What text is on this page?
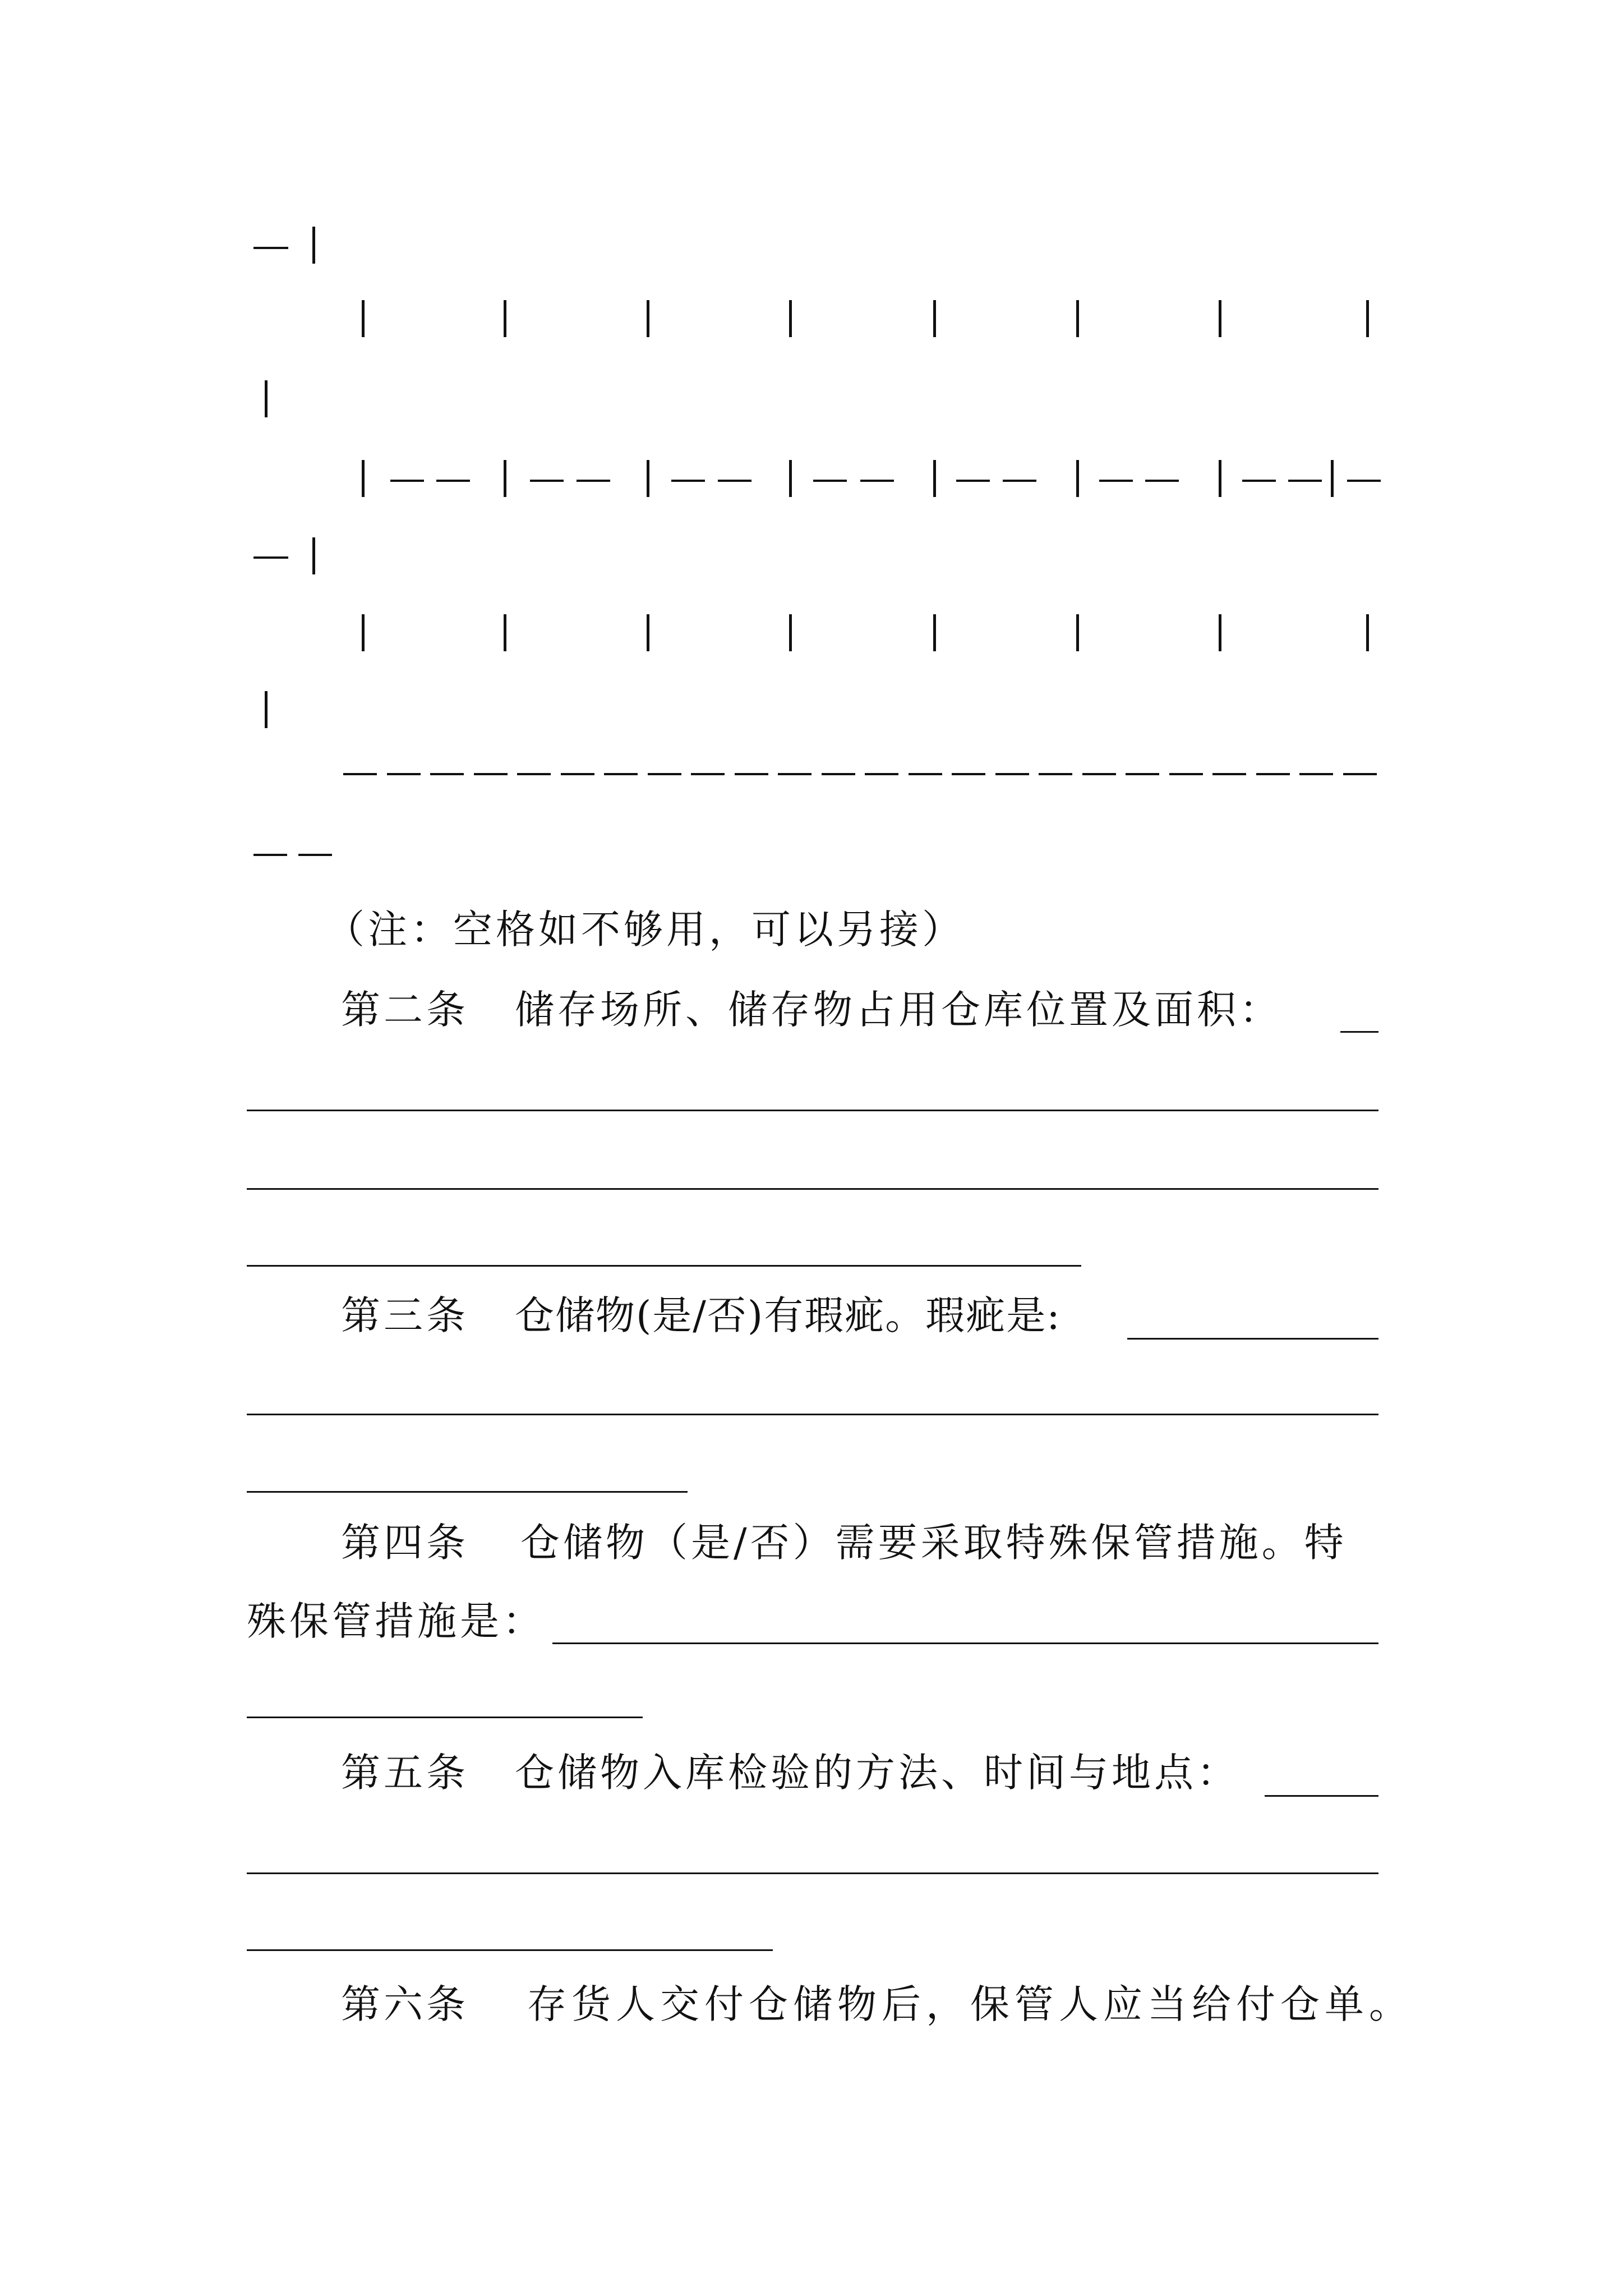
（注：空格如不够用，可以另接）
第二条 储存场所、储存物占用仓库位置及面积：
第三条 仓储物(是/否)有瑕疵。瑕疵是:
第四条 仓储物（是/否）需要采取特殊保管措施。特
殊保管措施是：
第五条 仓储物入库检验的方法、时间与地点：
第六条 存货人交付仓储物后，保管人应当给付仓单。
